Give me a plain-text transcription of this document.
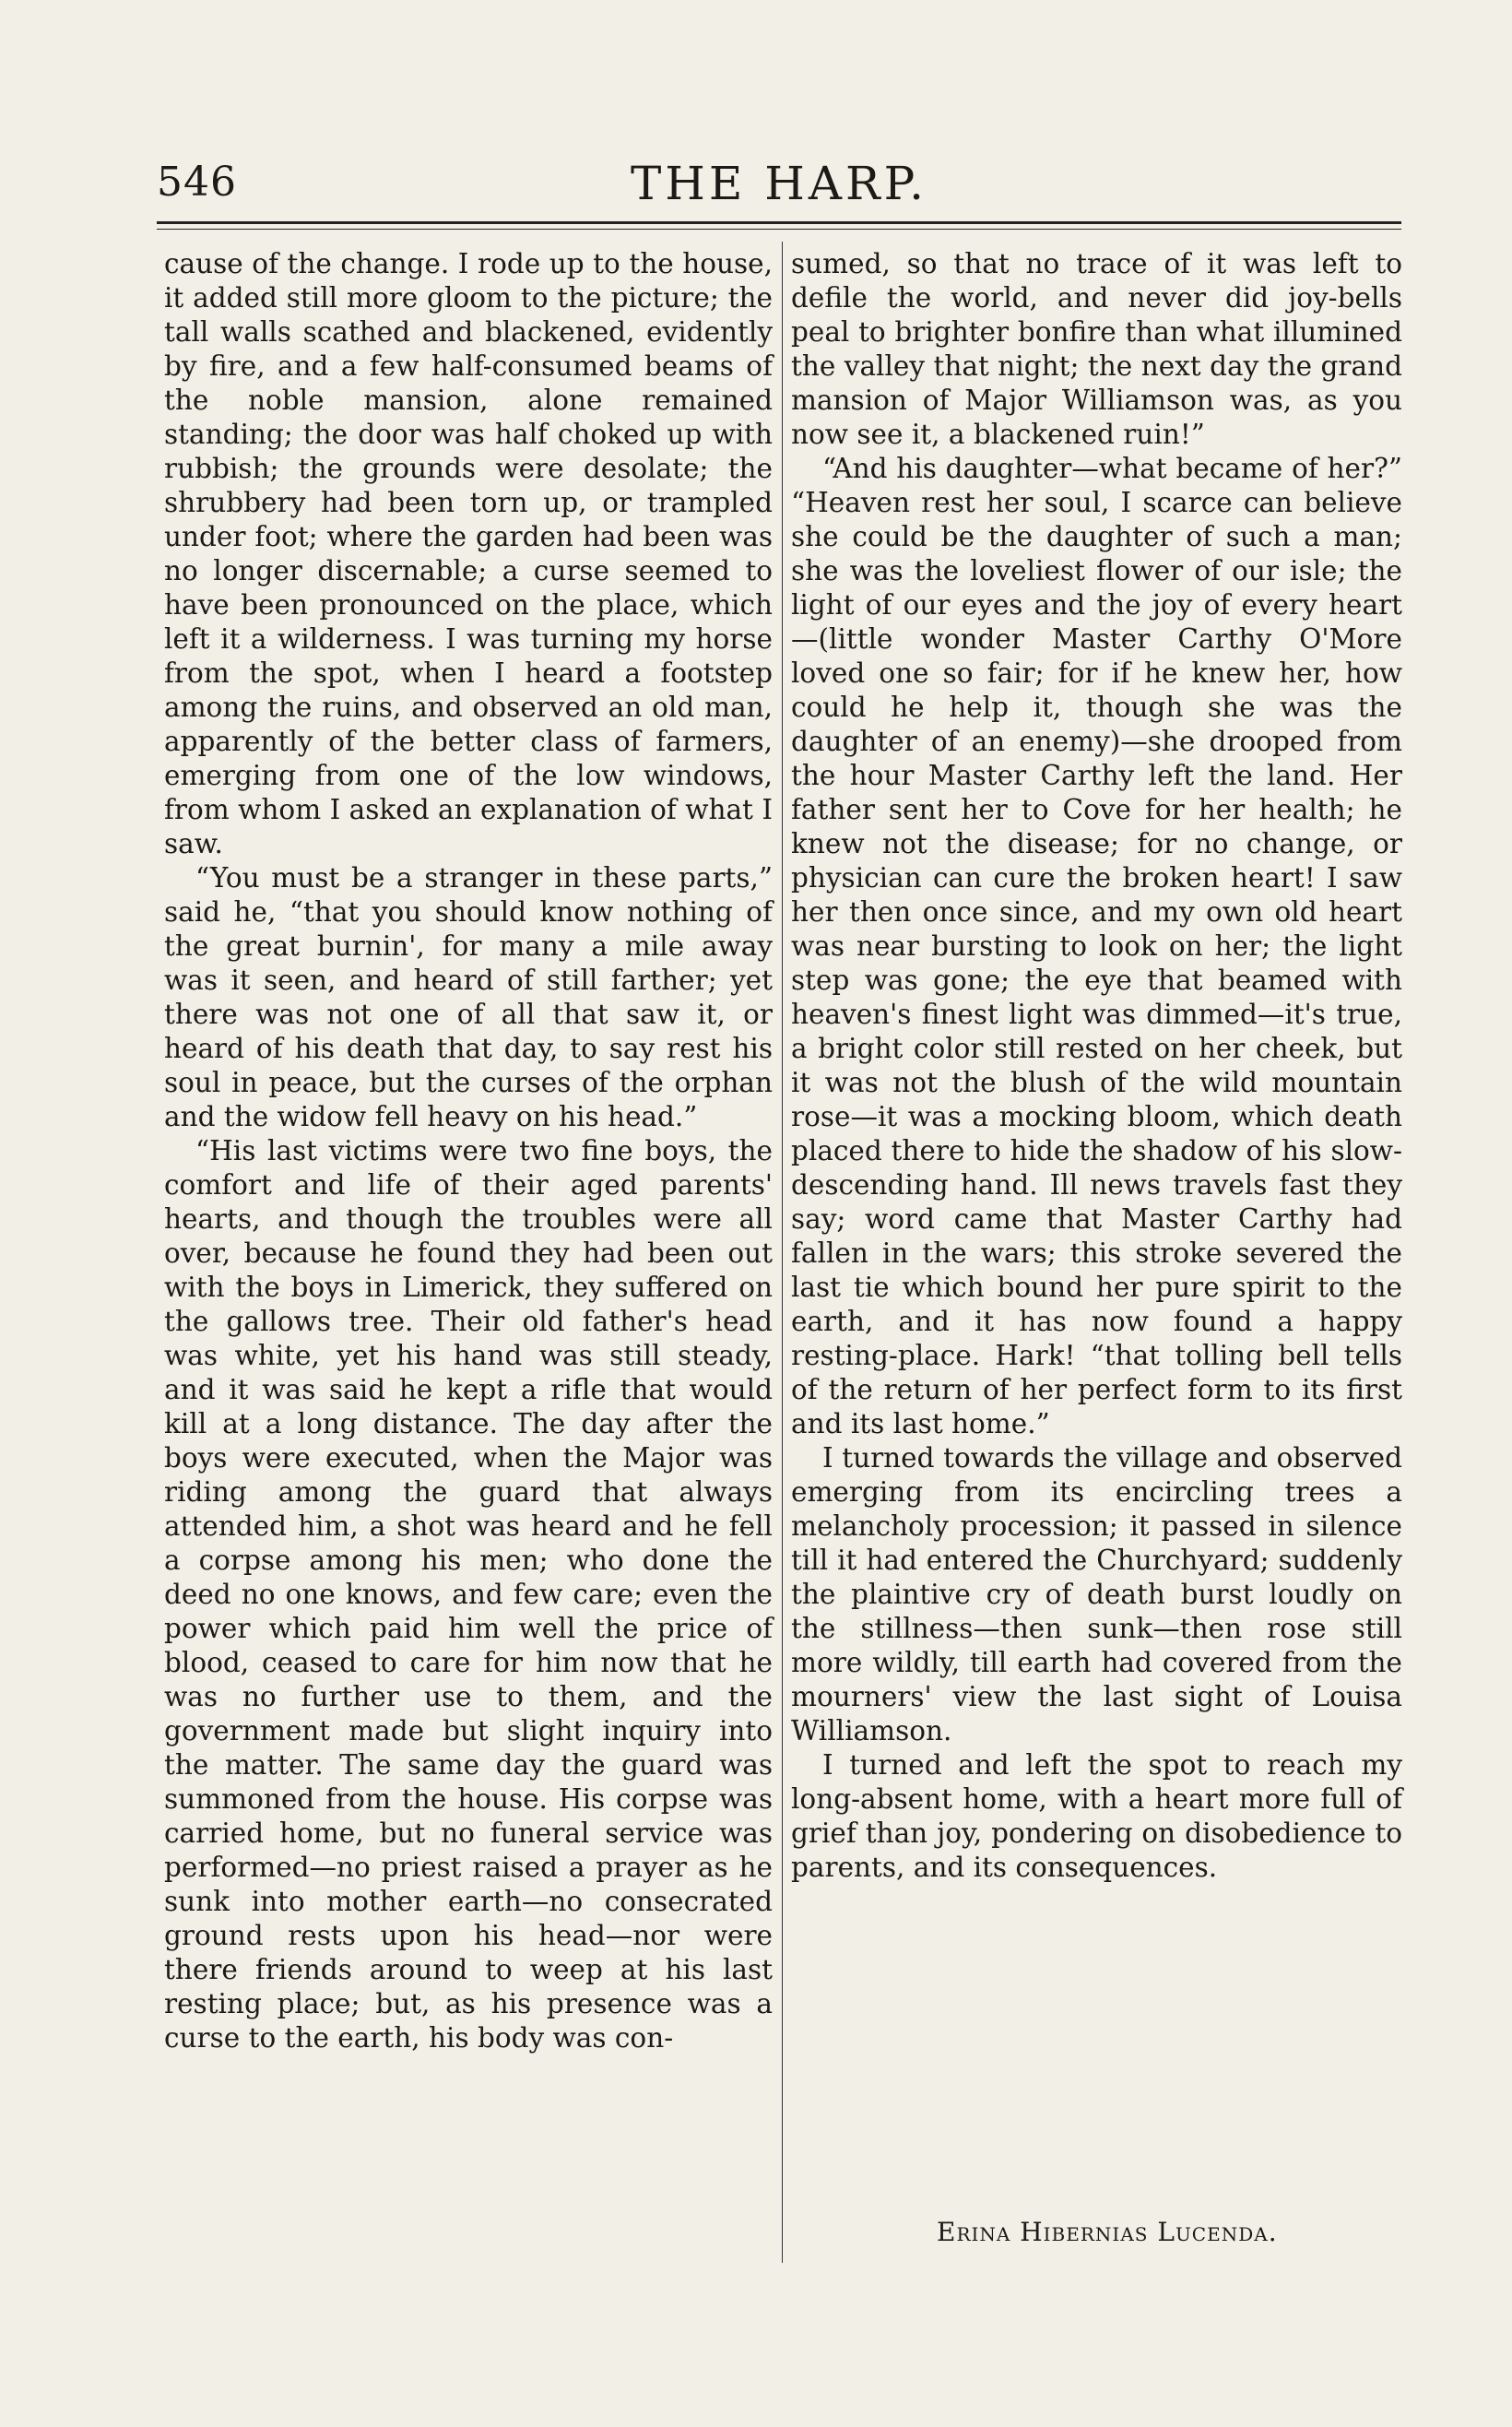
546	THE HARP.

cause of the change. I rode up to the house, it added still more gloom to the picture; the tall walls scathed and blackened, evidently by fire, and a few half-consumed beams of the noble mansion, alone remained standing; the door was half choked up with rubbish; the grounds were desolate; the shrubbery had been torn up, or trampled under foot; where the garden had been was no longer discernable; a curse seemed to have been pronounced on the place, which left it a wilderness. I was turning my horse from the spot, when I heard a footstep among the ruins, and observed an old man, apparently of the better class of farmers, emerging from one of the low windows, from whom I asked an explanation of what I saw.

“You must be a stranger in these parts,” said he, “that you should know nothing of the great burnin', for many a mile away was it seen, and heard of still farther; yet there was not one of all that saw it, or heard of his death that day, to say rest his soul in peace, but the curses of the orphan and the widow fell heavy on his head.”

“His last victims were two fine boys, the comfort and life of their aged parents' hearts, and though the troubles were all over, because he found they had been out with the boys in Limerick, they suffered on the gallows tree. Their old father's head was white, yet his hand was still steady, and it was said he kept a rifle that would kill at a long distance. The day after the boys were executed, when the Major was riding among the guard that always attended him, a shot was heard and he fell a corpse among his men; who done the deed no one knows, and few care; even the power which paid him well the price of blood, ceased to care for him now that he was no further use to them, and the government made but slight inquiry into the matter. The same day the guard was summoned from the house. His corpse was carried home, but no funeral service was performed—no priest raised a prayer as he sunk into mother earth—no consecrated ground rests upon his head—nor were there friends around to weep at his last resting place; but, as his presence was a curse to the earth, his body was con-

sumed, so that no trace of it was left to defile the world, and never did joy-bells peal to brighter bonfire than what illumined the valley that night; the next day the grand mansion of Major Williamson was, as you now see it, a blackened ruin!”

“And his daughter—what became of her?” “Heaven rest her soul, I scarce can believe she could be the daughter of such a man; she was the loveliest flower of our isle; the light of our eyes and the joy of every heart—(little wonder Master Carthy O'More loved one so fair; for if he knew her, how could he help it, though she was the daughter of an enemy)—she drooped from the hour Master Carthy left the land. Her father sent her to Cove for her health; he knew not the disease; for no change, or physician can cure the broken heart! I saw her then once since, and my own old heart was near bursting to look on her; the light step was gone; the eye that beamed with heaven's finest light was dimmed—it's true, a bright color still rested on her cheek, but it was not the blush of the wild mountain rose—it was a mocking bloom, which death placed there to hide the shadow of his slow-descending hand. Ill news travels fast they say; word came that Master Carthy had fallen in the wars; this stroke severed the last tie which bound her pure spirit to the earth, and it has now found a happy resting-place. Hark! “that tolling bell tells of the return of her perfect form to its first and its last home.”

I turned towards the village and observed emerging from its encircling trees a melancholy procession; it passed in silence till it had entered the Churchyard; suddenly the plaintive cry of death burst loudly on the stillness—then sunk—then rose still more wildly, till earth had covered from the mourners' view the last sight of Louisa Williamson.

I turned and left the spot to reach my long-absent home, with a heart more full of grief than joy, pondering on disobedience to parents, and its consequences.

Erina Hibernias Lucenda.
